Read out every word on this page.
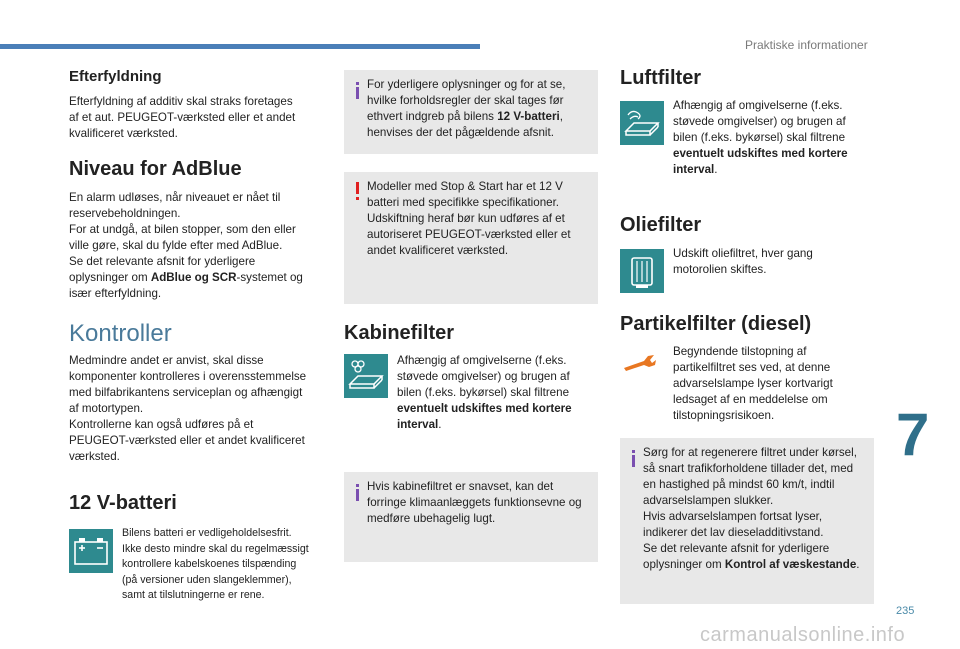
Praktiske informationer
Efterfyldning
Efterfyldning af additiv skal straks foretages
af et aut. PEUGEOT-værksted eller et andet
kvalificeret værksted.
Niveau for AdBlue
En alarm udløses, når niveauet er nået til
reservebeholdningen.
For at undgå, at bilen stopper, som den eller
ville gøre, skal du fylde efter med AdBlue.
Se det relevante afsnit for yderligere
oplysninger om AdBlue og SCR-systemet og
især efterfyldning.
Kontroller
Medmindre andet er anvist, skal disse
komponenter kontrolleres i overensstemmelse
med bilfabrikantens serviceplan og afhængigt
af motortypen.
Kontrollerne kan også udføres på et
PEUGEOT-værksted eller et andet kvalificeret
værksted.
12 V-batteri
Bilens batteri er vedligeholdelsesfrit.
Ikke desto mindre skal du regelmæssigt
kontrollere kabelskoenes tilspænding
(på versioner uden slangeklemmer),
samt at tilslutningerne er rene.
For yderligere oplysninger og for at se,
hvilke forholdsregler der skal tages før
ethvert indgreb på bilens 12 V-batteri,
henvises der det pågældende afsnit.
Modeller med Stop & Start har et 12 V
batteri med specifikke specifikationer.
Udskiftning heraf bør kun udføres af et
autoriseret PEUGEOT-værksted eller et
andet kvalificeret værksted.
Kabinefilter
Afhængig af omgivelserne (f.eks.
støvede omgivelser) og brugen af
bilen (f.eks. bykørsel) skal filtrene
eventuelt udskiftes med kortere
interval.
Hvis kabinefiltret er snavset, kan det
forringe klimaanlæggets funktionsevne og
medføre ubehagelig lugt.
Luftfilter
Afhængig af omgivelserne (f.eks.
støvede omgivelser) og brugen af
bilen (f.eks. bykørsel) skal filtrene
eventuelt udskiftes med kortere
interval.
Oliefilter
Udskift oliefiltret, hver gang
motorolien skiftes.
Partikelfilter (diesel)
Begyndende tilstopning af
partikelfiltret ses ved, at denne
advarselslampe lyser kortvarigt
ledsaget af en meddelelse om
tilstopningsrisikoen.
Sørg for at regenerere filtret under kørsel,
så snart trafikforholdene tillader det, med
en hastighed på mindst 60 km/t, indtil
advarselslampen slukker.
Hvis advarselslampen fortsat lyser,
indikerer det lav dieseladditivstand.
Se det relevante afsnit for yderligere
oplysninger om Kontrol af væskestande.
7
235
carmanualsonline.info
